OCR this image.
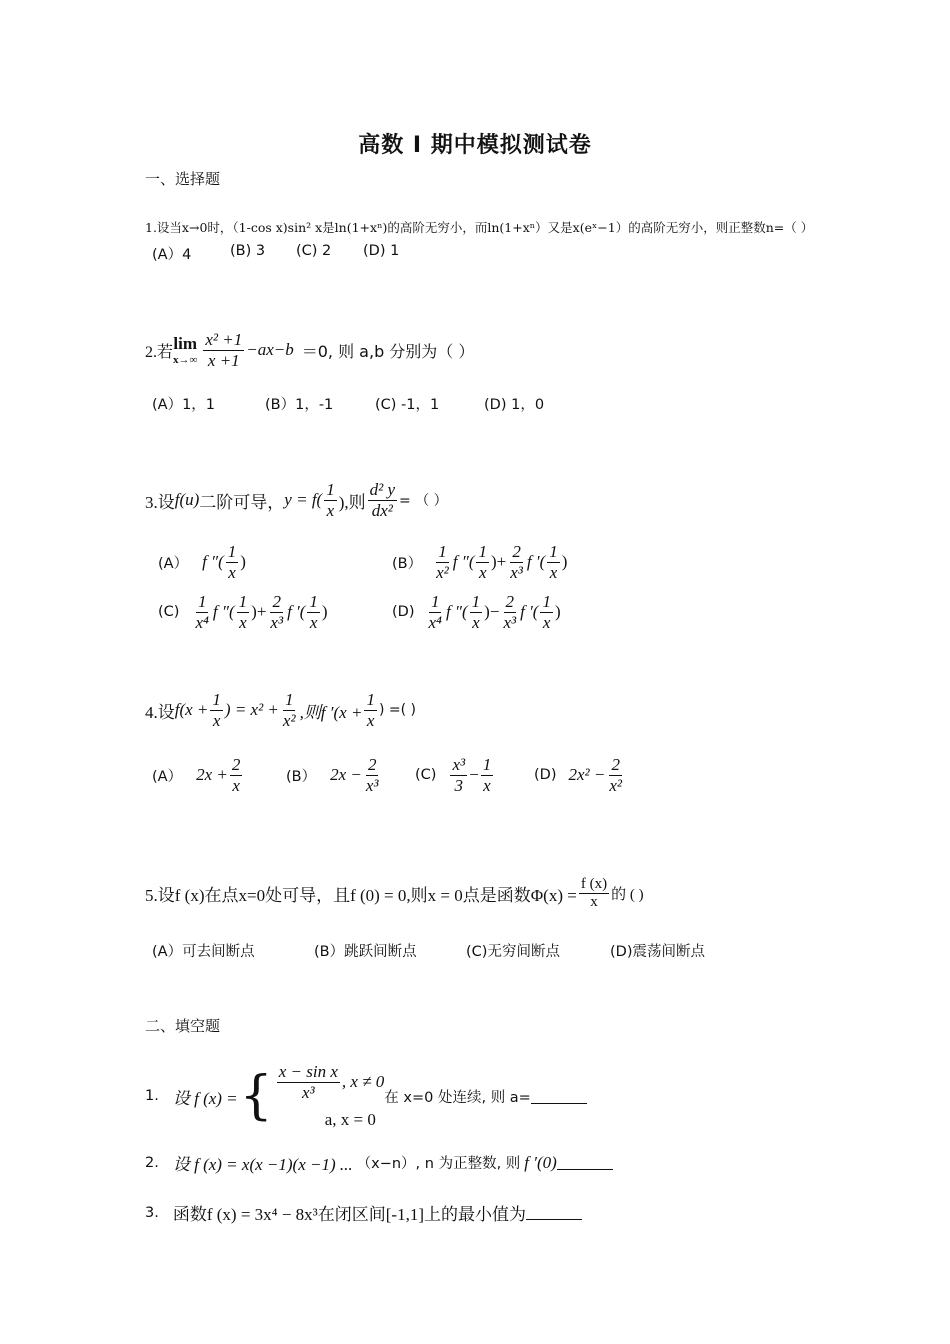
高数 I 期中模拟测试卷
一、选择题
1.设当x→0时，（1-cos x)sin² x是ln(1+xⁿ)的高阶无穷小，而ln(1+xⁿ）又是x(eˣ−1）的高阶无穷小，则正整数n=（ ）
(A）4	(B) 3 (C) 2 (D) 1
2.若 lim
$x\to\infty \frac{\text{x² +1}}{x +1} -ax-b =0$, 则 a,b 分别为（ ）
(A）1，1	(B）1，-1	(C) -1，1	(D) 1，0
3.设 f(u) 二阶可导， $y = f( \frac{1}{x}$ ),则 $\frac{\text{d² y}}{\text{dx²}}$ = （ ）
(A） f ″( $\frac{1}{x}$ )	$(B) \frac{1}{\text{x²}}$ f ″( $\frac{1}{x}$ ) + $\frac{2}{\text{x³}}$ f ′( $\frac{1}{x}$ )
$(C) \frac{1}{\text{x⁴}}$ f ″( $\frac{1}{x}$ ) + $\frac{2}{\text{x³}}$ f ′( $\frac{1}{x}$ )	$(D) \frac{1}{\text{x⁴}}$ f ″( $\frac{1}{x}$ ) − $\frac{2}{\text{x³}}$ f ′( $\frac{1}{x}$ )
4.设 $f(x + \frac{1}{x}$ ) = $x^2 + \frac{1}{\text{x²}}$ ,则f $'(x + \frac{1}{x}$ ) =( )
(A） $2x + \frac{2}{x}$	(B） $2x - \frac{2}{\text{x³}} (C) \frac{\text{x³}}{3} - \frac{1}{x}$	(D) $2x^2 - \frac{2}{\text{x²}}$
5.设f (x)在点x=0处可导，且f (0) = 0,则x = 0点是函数$\Phi(x) = \frac{f (x)}{x}$ 的 ( )
(A）可去间断点	(B）跳跃间断点	(C)无穷间断点	(D)震荡间断点
二、填空题
1. 设 f (x) = { $\frac{\text{x − sin x}}{\text{x³}}$ , x ≠ 0
a, x = 0
在 x=0 处连续, 则 a=
2. 设 f (x) = x(x −1)(x −1) ... （x−n）, n 为正整数, 则 f ′(0)
3. 函数f (x) = 3x⁴ − 8x³在闭区间[-1,1]上的最小值为
